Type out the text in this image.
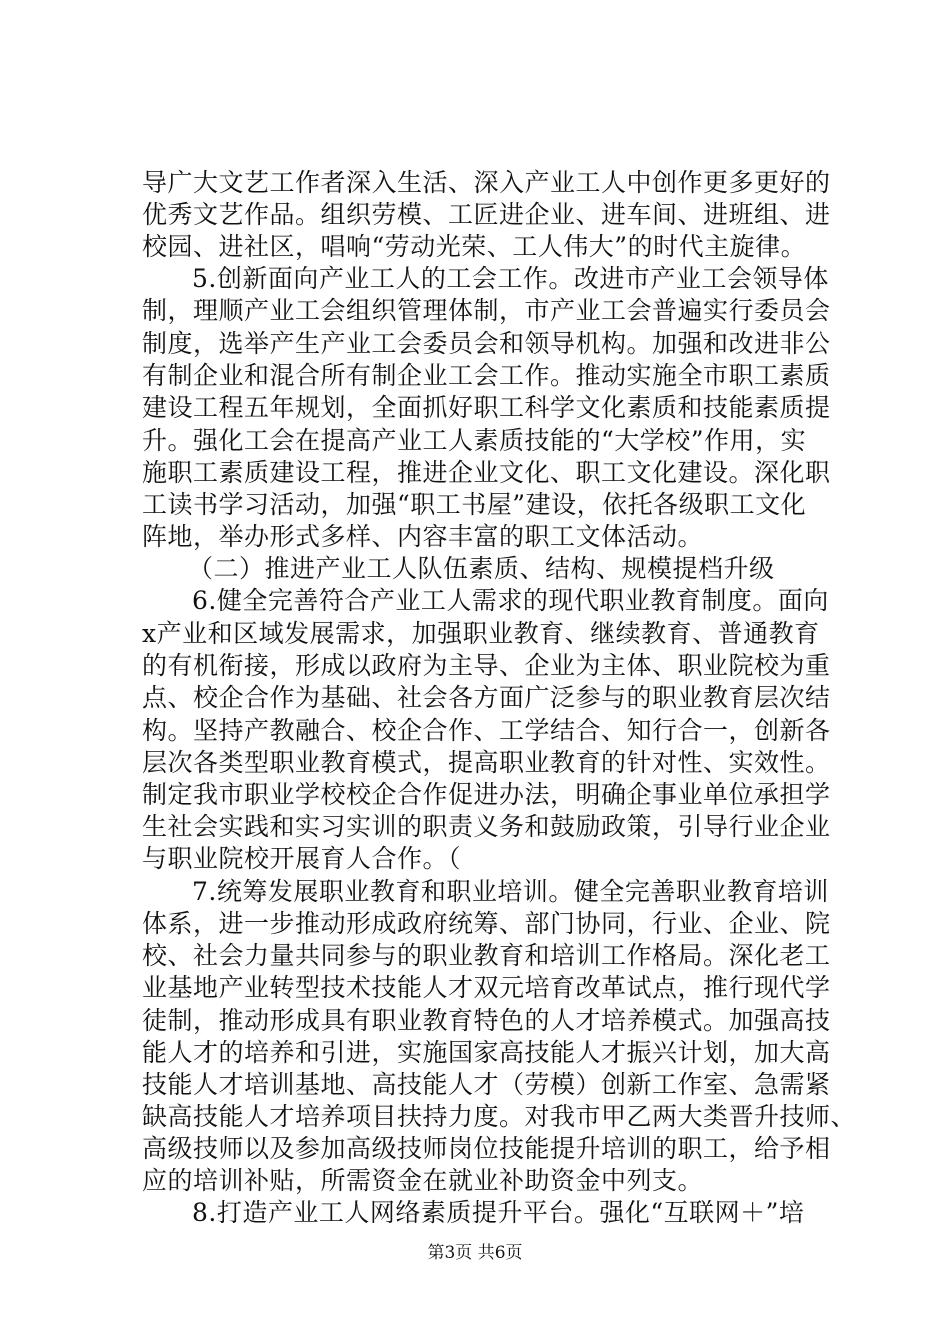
导广大文艺工作者深入生活、深入产业工人中创作更多更好的
优秀文艺作品。组织劳模、工匠进企业、进车间、进班组、进
校园、进社区，唱响“劳动光荣、工人伟大”的时代主旋律。
5.创新面向产业工人的工会工作。改进市产业工会领导体
制，理顺产业工会组织管理体制，市产业工会普遍实行委员会
制度，选举产生产业工会委员会和领导机构。加强和改进非公
有制企业和混合所有制企业工会工作。推动实施全市职工素质
建设工程五年规划，全面抓好职工科学文化素质和技能素质提
升。强化工会在提高产业工人素质技能的“大学校”作用，实
施职工素质建设工程，推进企业文化、职工文化建设。深化职
工读书学习活动，加强“职工书屋”建设，依托各级职工文化
阵地，举办形式多样、内容丰富的职工文体活动。
（二）推进产业工人队伍素质、结构、规模提档升级
6.健全完善符合产业工人需求的现代职业教育制度。面向
x产业和区域发展需求，加强职业教育、继续教育、普通教育
的有机衔接，形成以政府为主导、企业为主体、职业院校为重
点、校企合作为基础、社会各方面广泛参与的职业教育层次结
构。坚持产教融合、校企合作、工学结合、知行合一，创新各
层次各类型职业教育模式，提高职业教育的针对性、实效性。
制定我市职业学校校企合作促进办法，明确企事业单位承担学
生社会实践和实习实训的职责义务和鼓励政策，引导行业企业
与职业院校开展育人合作。（
7.统筹发展职业教育和职业培训。健全完善职业教育培训
体系，进一步推动形成政府统筹、部门协同，行业、企业、院
校、社会力量共同参与的职业教育和培训工作格局。深化老工
业基地产业转型技术技能人才双元培育改革试点，推行现代学
徒制，推动形成具有职业教育特色的人才培养模式。加强高技
能人才的培养和引进，实施国家高技能人才振兴计划，加大高
技能人才培训基地、高技能人才（劳模）创新工作室、急需紧
缺高技能人才培养项目扶持力度。对我市甲乙两大类晋升技师、
高级技师以及参加高级技师岗位技能提升培训的职工，给予相
应的培训补贴，所需资金在就业补助资金中列支。
8.打造产业工人网络素质提升平台。强化“互联网＋”培
第3页 共6页
